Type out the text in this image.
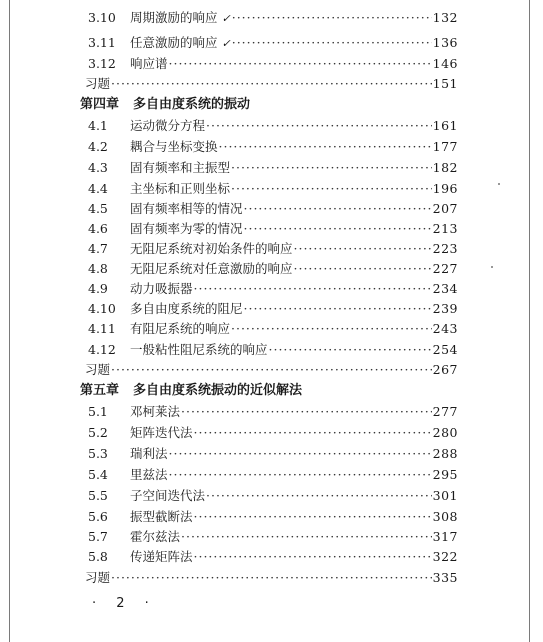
3.10	周期激励的响应 ✓ ·····	132
3.11	任意激励的响应 ✓ ·····	136
3.12	响应谱 ·····	146
习题 ·····	151
第四章 多自由度系统的振动
4.1	运动微分方程 ·····	161
4.2	耦合与坐标变换 ·····	177
4.3	固有频率和主振型 ·····	182
4.4	主坐标和正则坐标 ·····	196
4.5	固有频率相等的情况 ·····	207
4.6	固有频率为零的情况 ·····	213
4.7	无阻尼系统对初始条件的响应 ·····	223
4.8	无阻尼系统对任意激励的响应 ·····	227
4.9	动力吸振器 ·····	234
4.10	多自由度系统的阻尼 ·····	239
4.11	有阻尼系统的响应 ·····	243
4.12	一般粘性阻尼系统的响应 ·····	254
习题 ·····	267
第五章 多自由度系统振动的近似解法
5.1	邓柯莱法 ·····	277
5.2	矩阵迭代法 ·····	280
5.3	瑞利法 ·····	288
5.4	里兹法 ·····	295
5.5	子空间迭代法 ·····	301
5.6	振型截断法 ·····	308
5.7	霍尔兹法 ·····	317
5.8	传递矩阵法 ·····	322
习题 ·····	335
· 2 ·
